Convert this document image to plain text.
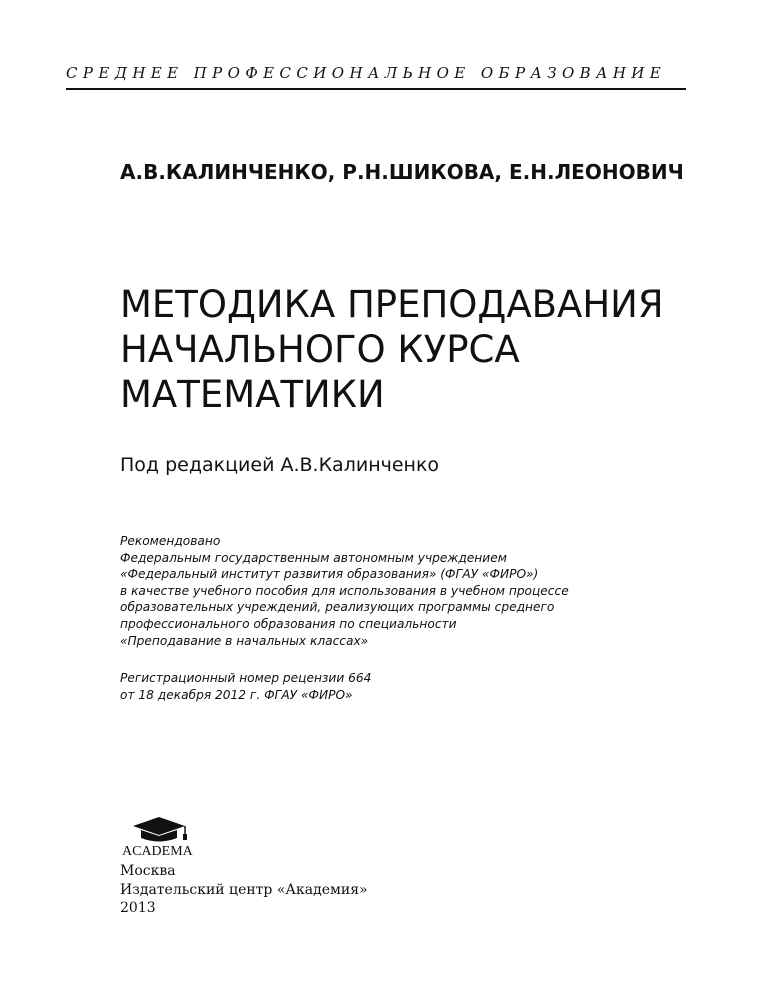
СРЕДНЕЕ ПРОФЕССИОНАЛЬНОЕ ОБРАЗОВАНИЕ
А.В.КАЛИНЧЕНКО, Р.Н.ШИКОВА, Е.Н.ЛЕОНОВИЧ
МЕТОДИКА ПРЕПОДАВАНИЯ
НАЧАЛЬНОГО КУРСА
МАТЕМАТИКИ
Под редакцией А.В.Калинченко
Рекомендовано
Федеральным государственным автономным учреждением
«Федеральный институт развития образования» (ФГАУ «ФИРО»)
в качестве учебного пособия для использования в учебном процессе
образовательных учреждений, реализующих программы среднего
профессионального образования по специальности
«Преподавание в начальных классах»
Регистрационный номер рецензии 664
от 18 декабря 2012 г. ФГАУ «ФИРО»
ACADEMA
Москва
Издательский центр «Академия»
2013
